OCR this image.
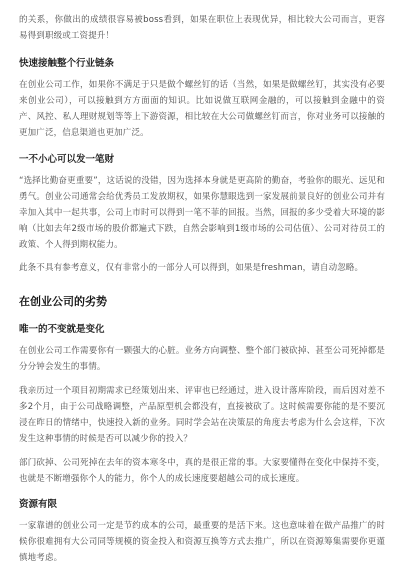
的关系，你做出的成绩很容易被boss看到，如果在职位上表现优异，相比较大公司而言，更容易得到职级或工资提升！

快速接触整个行业链条

在创业公司工作，如果你不满足于只是做个螺丝钉的话（当然，如果是做螺丝钉，其实没有必要来创业公司），可以接触到方方面面的知识。比如说做互联网金融的，可以接触到金融中的资产、风控、私人理财规划等等上下游资源，相比较在大公司做螺丝钉而言，你对业务可以接触的更加广泛，信息渠道也更加广泛。

一不小心可以发一笔财

“选择比勤奋更重要”，这话说的没错，因为选择本身就是更高阶的勤奋，考验你的眼光、远见和勇气。创业公司通常会给优秀员工发放期权，如果你慧眼选到一家发展前景良好的创业公司并有幸加入其中一起共事，公司上市时可以得到一笔不菲的回报。当然，回报的多少受着大环境的影响（比如去年2级市场的股价都遍式下跌，自然会影响到1级市场的公司估值）、公司对待员工的政策、个人得到期权能力。

此条不具有参考意义，仅有非常小的一部分人可以得到，如果是freshman，请自动忽略。

在创业公司的劣势
唯一的不变就是变化

在创业公司工作需要你有一颗强大的心脏。业务方向调整、整个部门被砍掉、甚至公司死掉都是分分钟会发生的事情。

我亲历过一个项目初期需求已经策划出来、评审也已经通过，进入设计落库阶段，而后因对差不多2个月，由于公司战略调整，产品原型机会都没有，直接被砍了。这时候需要你能的是不要沉浸在昨日的情绪中，快速投入新的业务。同时学会站在决策层的角度去考虑为什么会这样，下次发生这种事情的时候是否可以减少你的投入？

部门砍掉、公司死掉在去年的资本寒冬中，真的是很正常的事。大家要懂得在变化中保持不变，也就是不断增强你个人的能力，你个人的成长速度要超越公司的成长速度。

资源有限

一家靠谱的创业公司一定是节约成本的公司，最重要的是活下来。这也意味着在做产品推广的时候你很难拥有大公司同等规模的资金投入和资源互换等方式去推广，所以在资源筹集需要你更谨慎地考虑。
